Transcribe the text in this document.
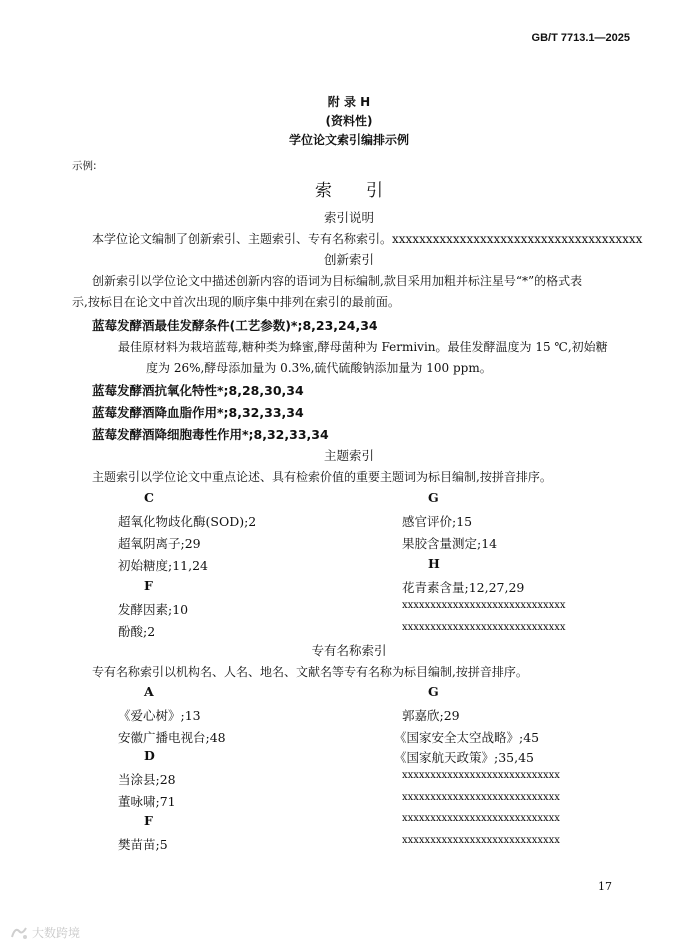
GB/T 7713.1—2025
附 录 H
(资料性)
学位论文索引编排示例
示例:
索　　引
索引说明
本学位论文编制了创新索引、主题索引、专有名称索引。xxxxxxxxxxxxxxxxxxxxxxxxxxxxxxxxxxxxx
创新索引
创新索引以学位论文中描述创新内容的语词为目标编制,款目采用加粗并标注星号“*”的格式表
示,按标目在论文中首次出现的顺序集中排列在索引的最前面。
蓝莓发酵酒最佳发酵条件(工艺参数)*;8,23,24,34
最佳原材料为栽培蓝莓,糖种类为蜂蜜,酵母菌种为 Fermivin。最佳发酵温度为 15 ℃,初始糖
度为 26%,酵母添加量为 0.3%,硫代硫酸钠添加量为 100 ppm。
蓝莓发酵酒抗氧化特性*;8,28,30,34
蓝莓发酵酒降血脂作用*;8,32,33,34
蓝莓发酵酒降细胞毒性作用*;8,32,33,34
主题索引
主题索引以学位论文中重点论述、具有检索价值的重要主题词为标目编制,按拼音排序。
C
超氧化物歧化酶(SOD);2
超氧阴离子;29
初始糖度;11,24
F
发酵因素;10
酚酸;2
G
感官评价;15
果胶含量测定;14
H
花青素含量;12,27,29
xxxxxxxxxxxxxxxxxxxxxxxxxxxxx
xxxxxxxxxxxxxxxxxxxxxxxxxxxxx
专有名称索引
专有名称索引以机构名、人名、地名、文献名等专有名称为标目编制,按拼音排序。
A
《爱心树》;13
安徽广播电视台;48
D
当涂县;28
董咏啸;71
F
樊苗苗;5
G
郭嘉欣;29
《国家安全太空战略》;45
《国家航天政策》;35,45
xxxxxxxxxxxxxxxxxxxxxxxxxxxx
xxxxxxxxxxxxxxxxxxxxxxxxxxxx
xxxxxxxxxxxxxxxxxxxxxxxxxxxx
xxxxxxxxxxxxxxxxxxxxxxxxxxxx
17
大数跨境
